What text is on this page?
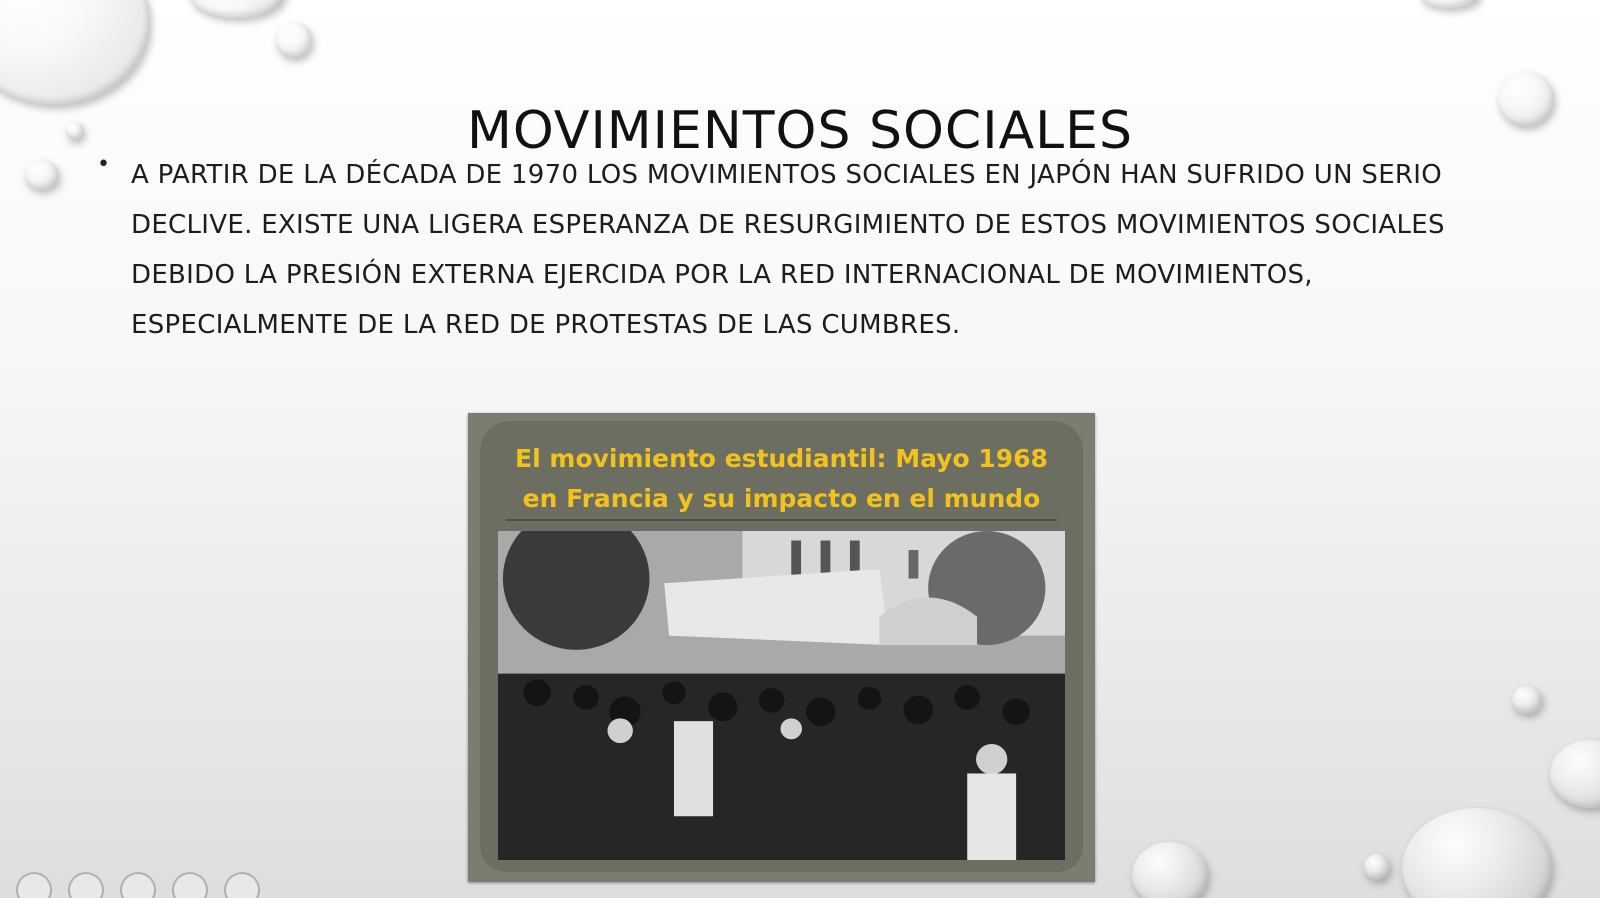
MOVIMIENTOS SOCIALES
• A PARTIR DE LA DÉCADA DE 1970 LOS MOVIMIENTOS SOCIALES EN JAPÓN HAN SUFRIDO UN SERIO DECLIVE. EXISTE UNA LIGERA ESPERANZA DE RESURGIMIENTO DE ESTOS MOVIMIENTOS SOCIALES DEBIDO LA PRESIÓN EXTERNA EJERCIDA POR LA RED INTERNACIONAL DE MOVIMIENTOS, ESPECIALMENTE DE LA RED DE PROTESTAS DE LAS CUMBRES.

El movimiento estudiantil: Mayo 1968
en Francia y su impacto en el mundo
